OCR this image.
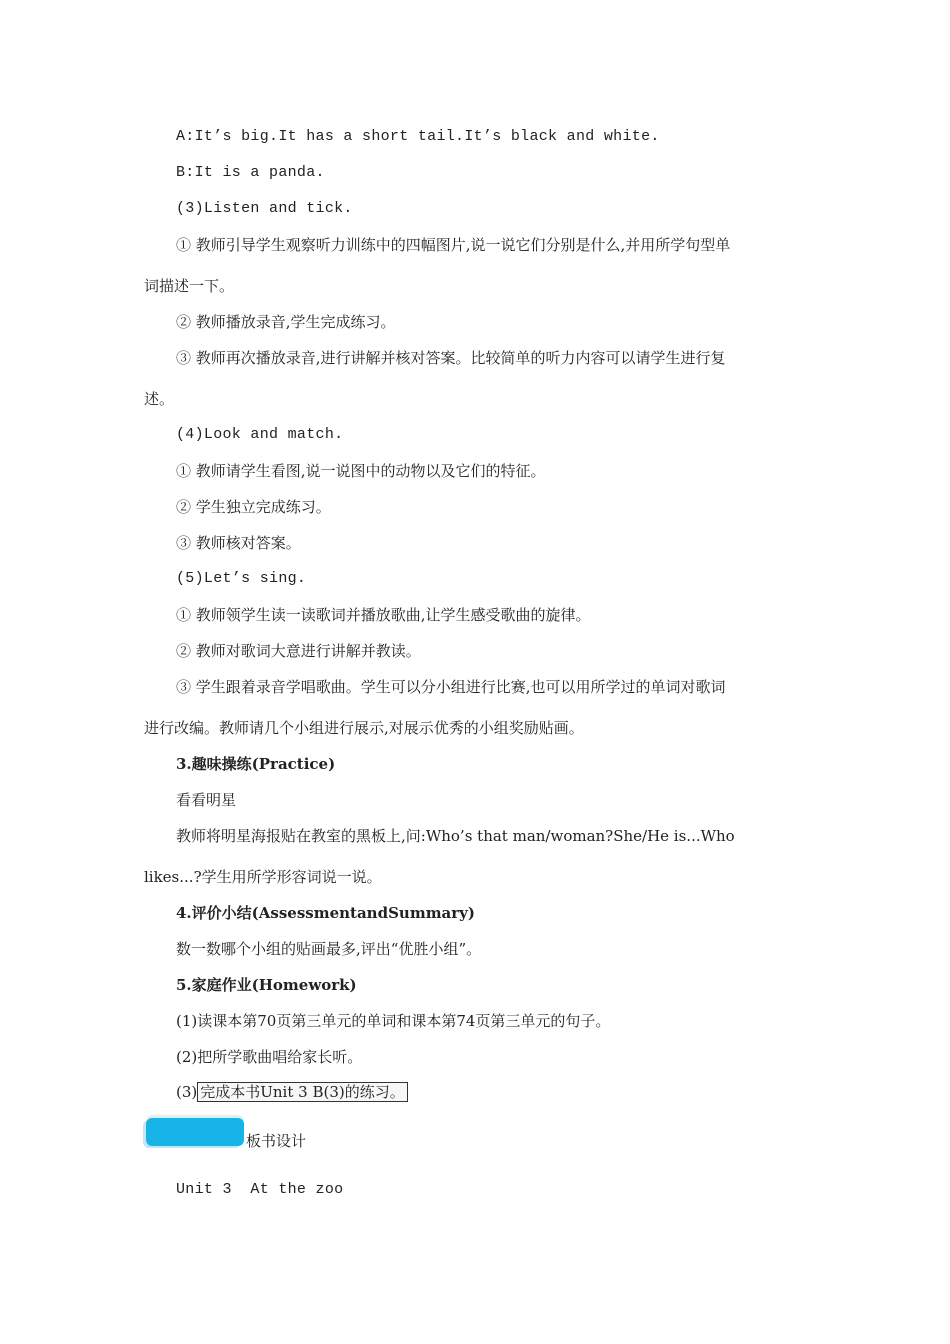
A:It’s big.It has a short tail.It’s black and white.
B:It is a panda.
(3)Listen and tick.
① 教师引导学生观察听力训练中的四幅图片,说一说它们分别是什么,并用所学句型单
词描述一下。
② 教师播放录音,学生完成练习。
③ 教师再次播放录音,进行讲解并核对答案。比较简单的听力内容可以请学生进行复
述。
(4)Look and match.
① 教师请学生看图,说一说图中的动物以及它们的特征。
② 学生独立完成练习。
③ 教师核对答案。
(5)Let’s sing.
① 教师领学生读一读歌词并播放歌曲,让学生感受歌曲的旋律。
② 教师对歌词大意进行讲解并教读。
③ 学生跟着录音学唱歌曲。学生可以分小组进行比赛,也可以用所学过的单词对歌词
进行改编。教师请几个小组进行展示,对展示优秀的小组奖励贴画。
3.趣味操练(Practice)
看看明星
教师将明星海报贴在教室的黑板上,问:Who’s that man/woman?She/He is...Who
likes...?学生用所学形容词说一说。
4.评价小结(AssessmentandSummary)
数一数哪个小组的贴画最多,评出“优胜小组”。
5.家庭作业(Homework)
(1)读课本第70页第三单元的单词和课本第74页第三单元的句子。
(2)把所学歌曲唱给家长听。
(3) 完成本书Unit 3 B(3)的练习。
板书设计
Unit 3  At the zoo
